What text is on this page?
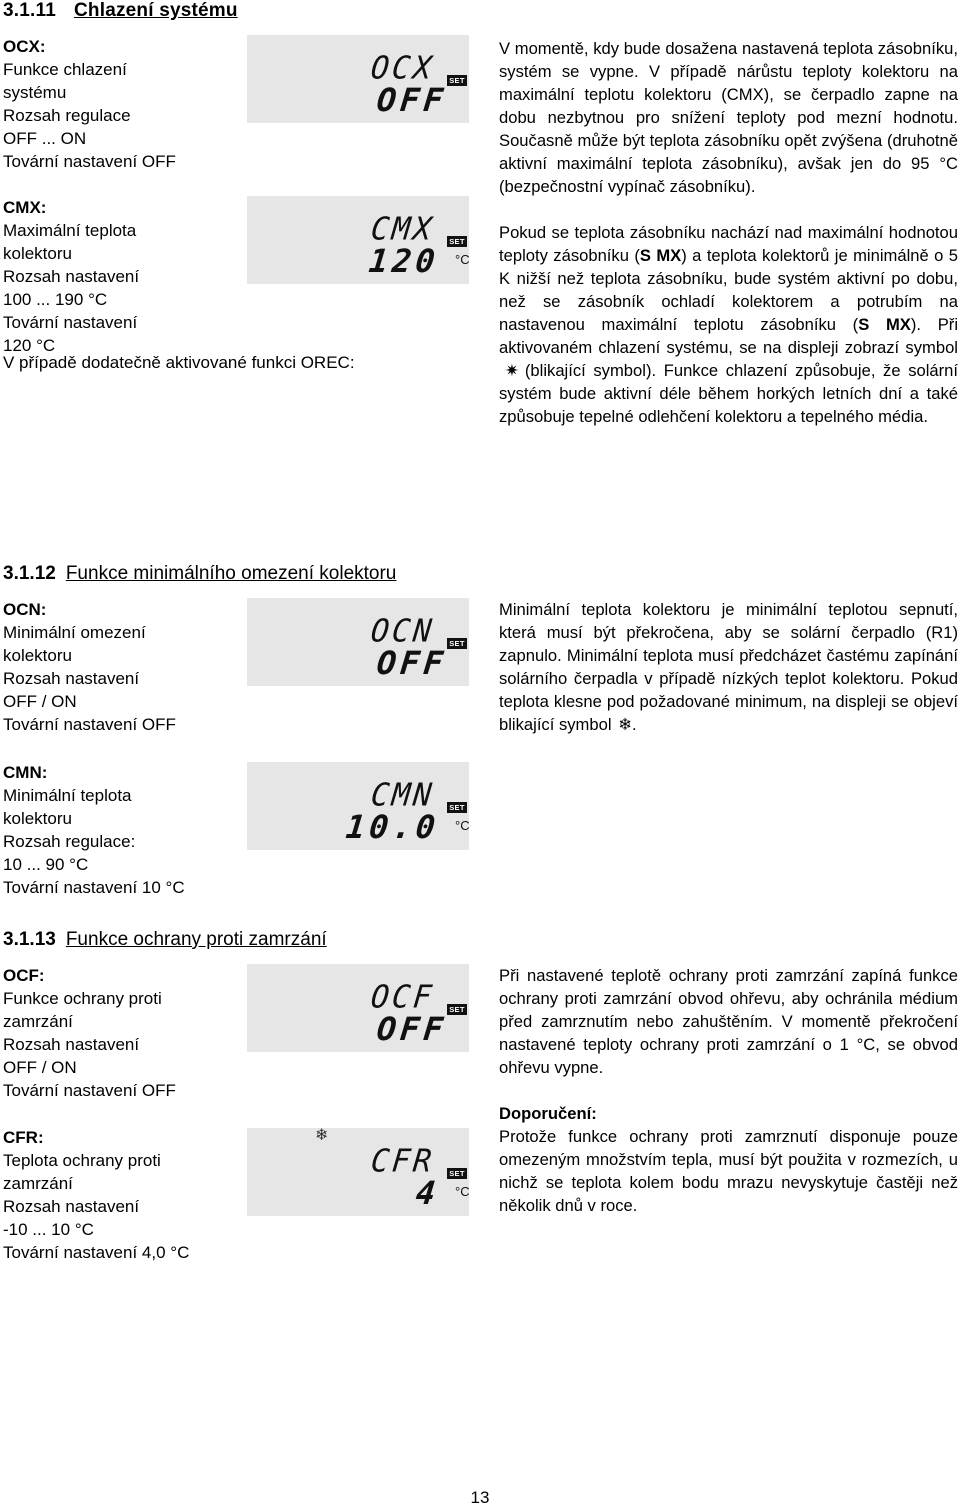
3.1.11 Chlazení systému
OCX:
Funkce chlazení
systému
Rozsah regulace
OFF ... ON
Tovární nastavení OFF
OCX	SET
OFF
CMX:
Maximální teplota
kolektoru
Rozsah nastavení
100 ... 190 °C
Tovární nastavení
120 °C
CMX	SET
120 °C
V případě dodatečně aktivované funkci OREC:

V momentě, kdy bude dosažena nastavená teplota zásobníku, systém se vypne. V případě nárůstu teploty kolektoru na maximální teplotu kolektoru (CMX), se čerpadlo zapne na dobu nezbytnou pro snížení teploty pod mezní hodnotu. Současně může být teplota zásobníku opět zvýšena (druhotně aktivní maximální teplota zásobníku), avšak jen do 95 °C (bezpečnostní vypínač zásobníku).

Pokud se teplota zásobníku nachází nad maximální hodnotou teploty zásobníku (S MX) a teplota kolektorů je minimálně o 5 K nižší než teplota zásobníku, bude systém aktivní po dobu, než se zásobník ochladí kolektorem a potrubím na nastavenou maximální teplotu zásobníku (S MX). Při aktivovaném chlazení systému, se na displeji zobrazí symbol✷ (blikající symbol). Funkce chlazení způsobuje, že solární systém bude aktivní déle během horkých letních dní a také způsobuje tepelné odlehčení kolektoru a tepelného média.

3.1.12 Funkce minimálního omezení kolektoru
OCN:
Minimální omezení
kolektoru
Rozsah nastavení
OFF / ON
Tovární nastavení OFF
OCN	SET
OFF
CMN:
Minimální teplota
kolektoru
Rozsah regulace:
10 ... 90 °C
Tovární nastavení 10 °C
CMN	SET
10.0 °C

Minimální teplota kolektoru je minimální teplotou sepnutí, která musí být překročena, aby se solární čerpadlo (R1) zapnulo. Minimální teplota musí předcházet častému zapínání solárního čerpadla v případě nízkých teplot kolektoru. Pokud teplota klesne pod požadované minimum, na displeji se objeví blikající symbol ❄.

3.1.13 Funkce ochrany proti zamrzání
OCF:
Funkce ochrany proti
zamrzání
Rozsah nastavení
OFF / ON
Tovární nastavení OFF
OCF	SET
OFF
CFR:
Teplota ochrany proti
zamrzání
Rozsah nastavení
-10 ... 10 °C
Tovární nastavení 4,0 °C
❄
CFR	SET
4 °C

Při nastavené teplotě ochrany proti zamrzání zapíná funkce ochrany proti zamrzání obvod ohřevu, aby ochránila médium před zamrznutím nebo zahuštěním. V momentě překročení nastavené teploty ochrany proti zamrzání o 1 °C, se obvod ohřevu vypne.

Doporučení:

Protože funkce ochrany proti zamrznutí disponuje pouze omezeným množstvím tepla, musí být použita v rozmezích, u nichž se teplota kolem bodu mrazu nevyskytuje častěji než několik dnů v roce.

13
